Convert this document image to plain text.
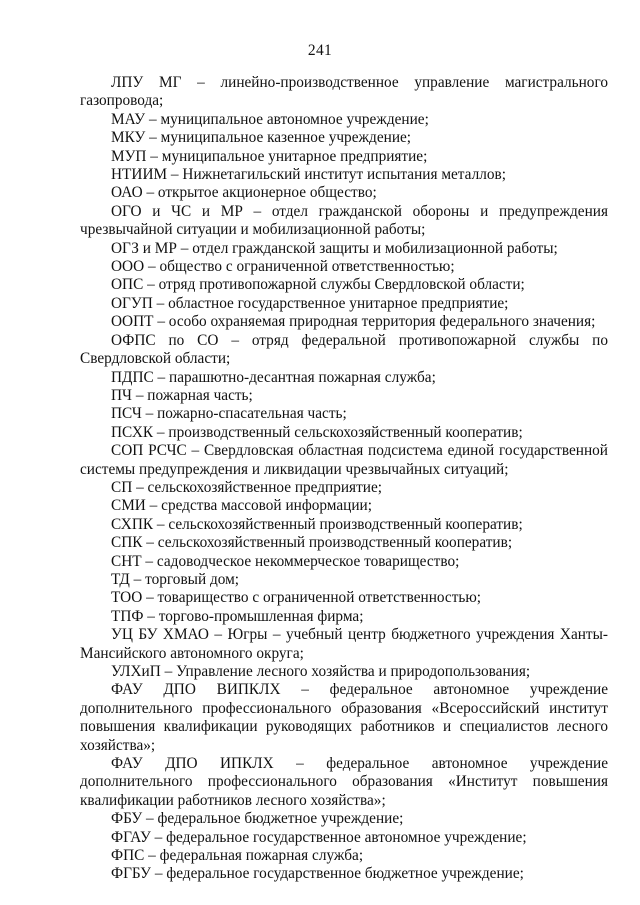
241

ЛПУ МГ – линейно-производственное управление магистрального газопровода;

МАУ – муниципальное автономное учреждение;

МКУ – муниципальное казенное учреждение;

МУП – муниципальное унитарное предприятие;

НТИИМ – Нижнетагильский институт испытания металлов;

ОАО – открытое акционерное общество;

ОГО и ЧС и МР – отдел гражданской обороны и предупреждения чрезвычайной ситуации и мобилизационной работы;

ОГЗ и МР – отдел гражданской защиты и мобилизационной работы;

ООО – общество с ограниченной ответственностью;

ОПС – отряд противопожарной службы Свердловской области;

ОГУП – областное государственное унитарное предприятие;

ООПТ – особо охраняемая природная территория федерального значения;

ОФПС по СО – отряд федеральной противопожарной службы по Свердловской области;

ПДПС – парашютно-десантная пожарная служба;

ПЧ – пожарная часть;

ПСЧ – пожарно-спасательная часть;

ПСХК – производственный сельскохозяйственный кооператив;

СОП РСЧС – Свердловская областная подсистема единой государственной системы предупреждения и ликвидации чрезвычайных ситуаций;

СП – сельскохозяйственное предприятие;

СМИ – средства массовой информации;

СХПК – сельскохозяйственный производственный кооператив;

СПК – сельскохозяйственный производственный кооператив;

СНТ – садоводческое некоммерческое товарищество;

ТД – торговый дом;

ТОО – товарищество с ограниченной ответственностью;

ТПФ – торгово-промышленная фирма;

УЦ БУ ХМАО – Югры – учебный центр бюджетного учреждения Ханты-Мансийского автономного округа;

УЛХиП – Управление лесного хозяйства и природопользования;

ФАУ ДПО ВИПКЛХ – федеральное автономное учреждение дополнительного профессионального образования «Всероссийский институт повышения квалификации руководящих работников и специалистов лесного хозяйства»;

ФАУ ДПО ИПКЛХ – федеральное автономное учреждение дополнительного профессионального образования «Институт повышения квалификации работников лесного хозяйства»;

ФБУ – федеральное бюджетное учреждение;

ФГАУ – федеральное государственное автономное учреждение;

ФПС – федеральная пожарная служба;

ФГБУ – федеральное государственное бюджетное учреждение;
